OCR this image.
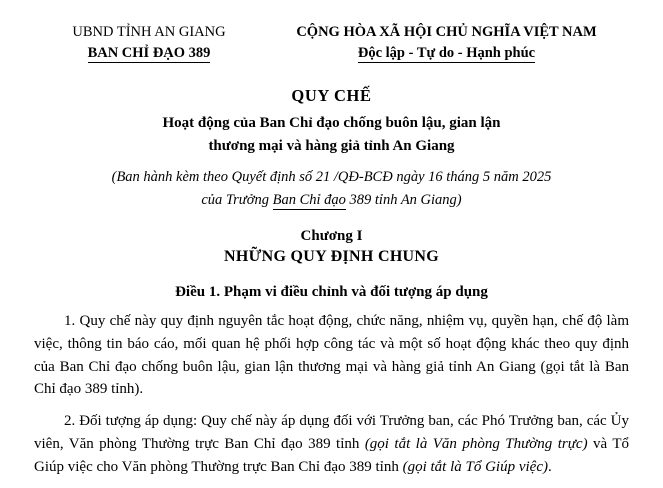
UBND TỈNH AN GIANG
BAN CHỈ ĐẠO 389
CỘNG HÒA XÃ HỘI CHỦ NGHĨA VIỆT NAM
Độc lập - Tự do - Hạnh phúc
QUY CHẾ
Hoạt động của Ban Chỉ đạo chống buôn lậu, gian lận
thương mại và hàng giả tỉnh An Giang
(Ban hành kèm theo Quyết định số 21 /QĐ-BCĐ ngày 16 tháng 5 năm 2025
của Trưởng Ban Chỉ đạo 389 tỉnh An Giang)
Chương I
NHỮNG QUY ĐỊNH CHUNG
Điều 1. Phạm vi điều chỉnh và đối tượng áp dụng
1. Quy chế này quy định nguyên tắc hoạt động, chức năng, nhiệm vụ, quyền hạn, chế độ làm việc, thông tin báo cáo, mối quan hệ phối hợp công tác và một số hoạt động khác theo quy định của Ban Chỉ đạo chống buôn lậu, gian lận thương mại và hàng giả tỉnh An Giang (gọi tắt là Ban Chỉ đạo 389 tỉnh).
2. Đối tượng áp dụng: Quy chế này áp dụng đối với Trưởng ban, các Phó Trưởng ban, các Ủy viên, Văn phòng Thường trực Ban Chỉ đạo 389 tỉnh (gọi tắt là Văn phòng Thường trực) và Tổ Giúp việc cho Văn phòng Thường trực Ban Chỉ đạo 389 tỉnh (gọi tắt là Tổ Giúp việc).
